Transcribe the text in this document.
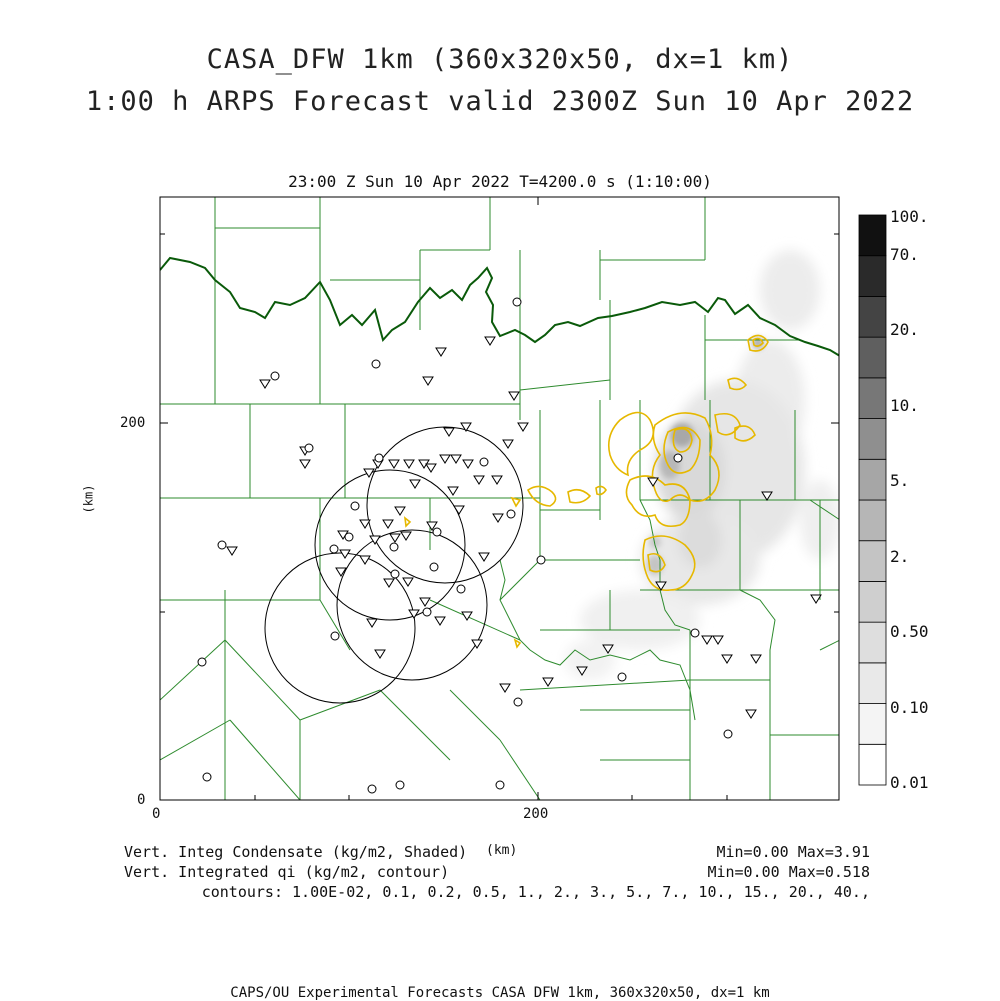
CASA_DFW 1km (360x320x50, dx=1 km)
1:00 h ARPS Forecast valid 2300Z Sun 10 Apr 2022
23:00 Z Sun 10 Apr 2022 T=4200.0 s (1:10:00)
0	200
0
200
(km)
(km)
100.
70.
20.
10.
5.
2.
0.50
0.10
0.01
Vert. Integ Condensate (kg/m2, Shaded)
Vert. Integrated qi (kg/m2, contour)
Min=0.00 Max=3.91
Min=0.00 Max=0.518
contours: 1.00E-02, 0.1, 0.2, 0.5, 1., 2., 3., 5., 7., 10., 15., 20., 40.,
CAPS/OU Experimental Forecasts CASA DFW 1km, 360x320x50, dx=1 km
